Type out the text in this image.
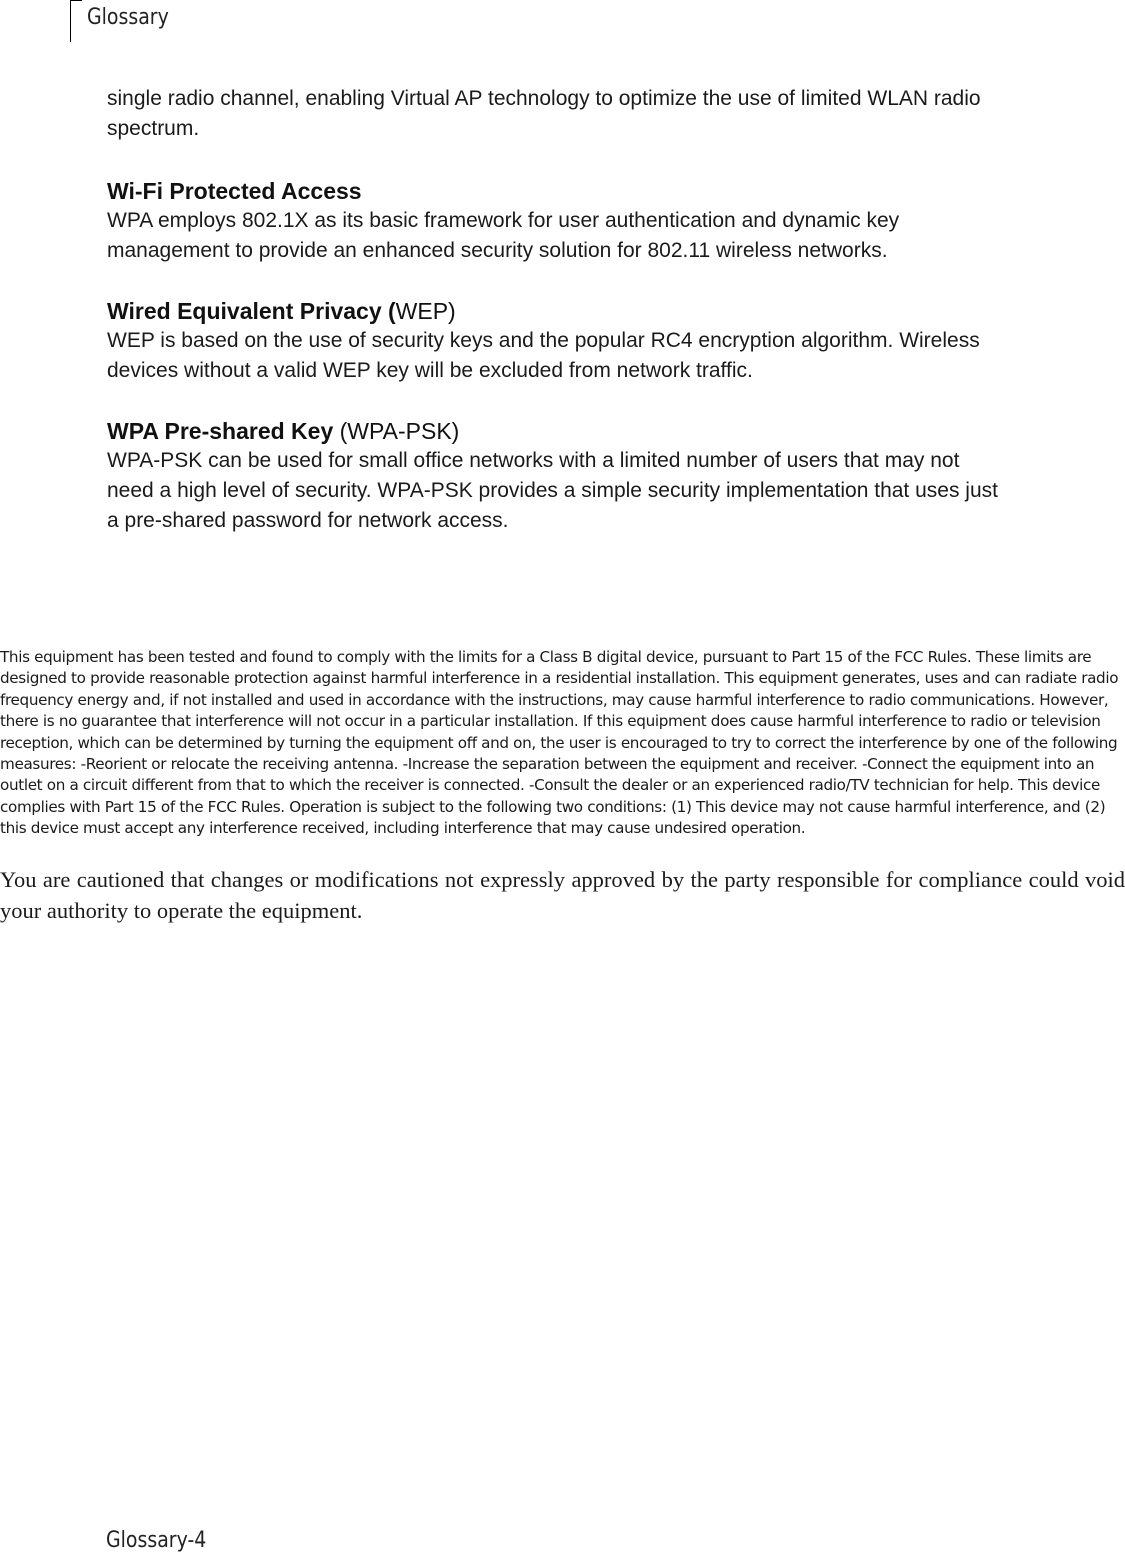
Glossary

single radio channel, enabling Virtual AP technology to optimize the use of limited WLAN radio spectrum.

Wi-Fi Protected Access

WPA employs 802.1X as its basic framework for user authentication and dynamic key management to provide an enhanced security solution for 802.11 wireless networks.

Wired Equivalent Privacy (WEP)

WEP is based on the use of security keys and the popular RC4 encryption algorithm. Wireless devices without a valid WEP key will be excluded from network traffic.

WPA Pre-shared Key (WPA-PSK)

WPA-PSK can be used for small office networks with a limited number of users that may not need a high level of security. WPA-PSK provides a simple security implementation that uses just a pre-shared password for network access.

This equipment has been tested and found to comply with the limits for a Class B digital device, pursuant to Part 15 of the FCC Rules. These limits are designed to provide reasonable protection against harmful interference in a residential installation. This equipment generates, uses and can radiate radio frequency energy and, if not installed and used in accordance with the instructions, may cause harmful interference to radio communications. However, there is no guarantee that interference will not occur in a particular installation. If this equipment does cause harmful interference to radio or television reception, which can be determined by turning the equipment off and on, the user is encouraged to try to correct the interference by one of the following measures: -Reorient or relocate the receiving antenna. -Increase the separation between the equipment and receiver. -Connect the equipment into an outlet on a circuit different from that to which the receiver is connected. -Consult the dealer or an experienced radio/TV technician for help. This device complies with Part 15 of the FCC Rules. Operation is subject to the following two conditions: (1) This device may not cause harmful interference, and (2) this device must accept any interference received, including interference that may cause undesired operation.

You are cautioned that changes or modifications not expressly approved by the party responsible for compliance could void your authority to operate the equipment.

Glossary-4
